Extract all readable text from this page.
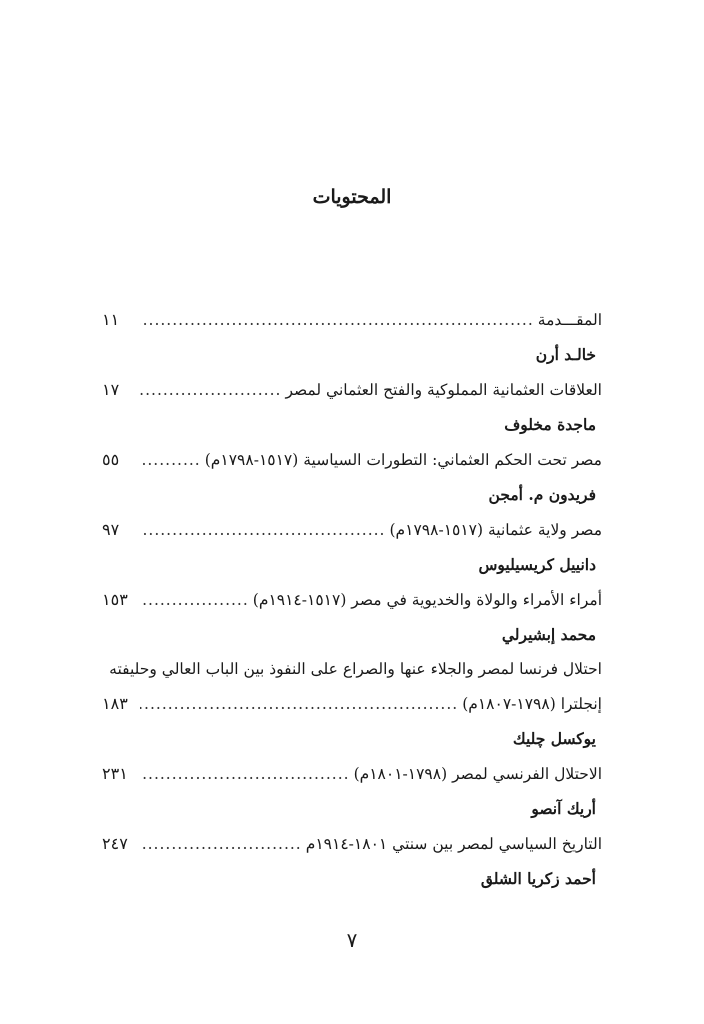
المحتويات
المقـــدمة
.....
١١
خالـد أرن
العلاقات العثمانية المملوكية والفتح العثماني لمصر
.....
١٧
ماجدة مخلوف
مصر تحت الحكم العثماني: التطورات السياسية (١٥١٧-١٧٩٨م)
.....
٥٥
فريدون م. أمجن
مصر ولاية عثمانية (١٥١٧-١٧٩٨م)
.....
٩٧
دانييل كريسيليوس
أمراء الأمراء والولاة والخديوية في مصر (١٥١٧-١٩١٤م)
.....
١٥٣
محمد إبشيرلي
احتلال فرنسا لمصر والجلاء عنها والصراع على النفوذ بين الباب العالي وحليفته
إنجلترا (١٧٩٨-١٨٠٧م)
.....
١٨٣
يوكسل چليك
الاحتلال الفرنسي لمصر (١٧٩٨-١٨٠١م)
.....
٢٣١
أريك آنصو
التاريخ السياسي لمصر بين سنتي ١٨٠١-١٩١٤م
.....
٢٤٧
أحمد زكريا الشلق
٧
